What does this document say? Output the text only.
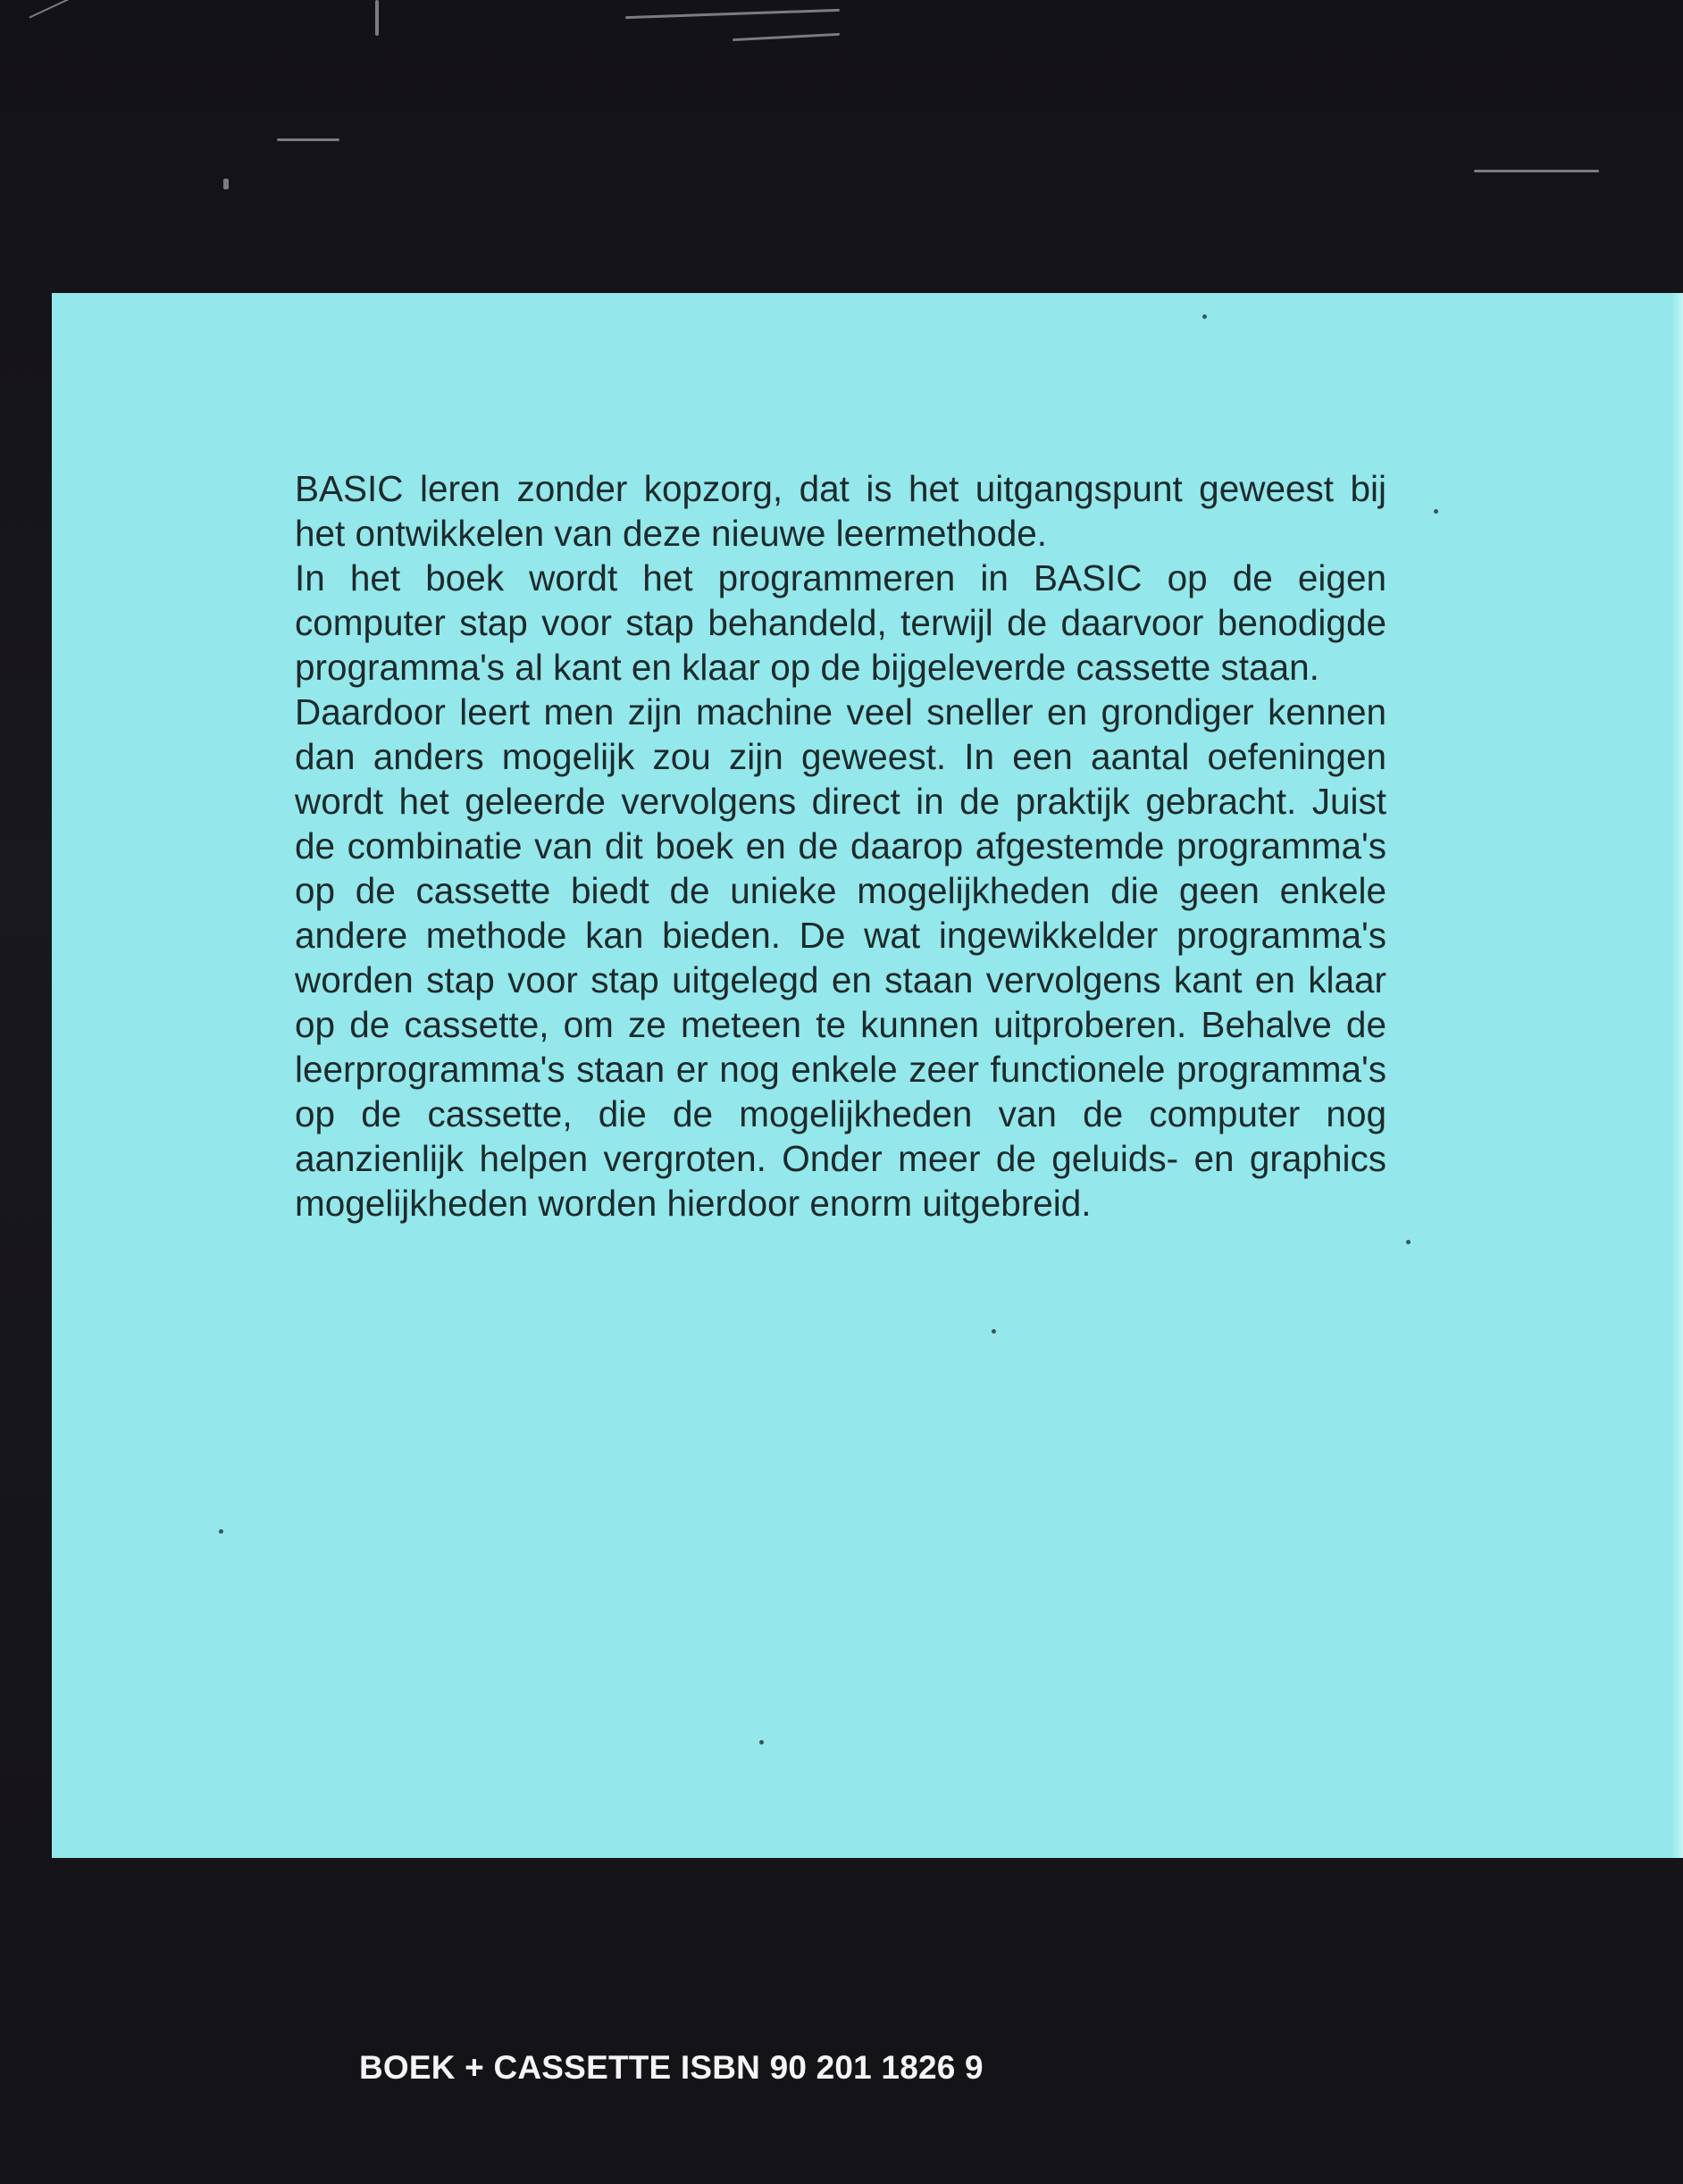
BASIC leren zonder kopzorg, dat is het uitgangspunt geweest bij het ontwikkelen van deze nieuwe leermethode.

In het boek wordt het programmeren in BASIC op de eigen computer stap voor stap behandeld, terwijl de daarvoor benodigde programma's al kant en klaar op de bijgeleverde cassette staan.

Daardoor leert men zijn machine veel sneller en grondiger kennen dan anders mogelijk zou zijn geweest. In een aantal oefeningen wordt het geleerde vervolgens direct in de praktijk gebracht. Juist de combinatie van dit boek en de daarop afgestemde programma's op de cassette biedt de unieke mogelijkheden die geen enkele andere methode kan bieden. De wat ingewikkelder programma's worden stap voor stap uitgelegd en staan vervolgens kant en klaar op de cassette, om ze meteen te kunnen uitproberen. Behalve de leerprogramma's staan er nog enkele zeer functionele programma's op de cassette, die de mogelijkheden van de computer nog aanzienlijk helpen vergroten. Onder meer de geluids- en graphics mogelijkheden worden hierdoor enorm uitgebreid.

BOEK + CASSETTE ISBN 90 201 1826 9
